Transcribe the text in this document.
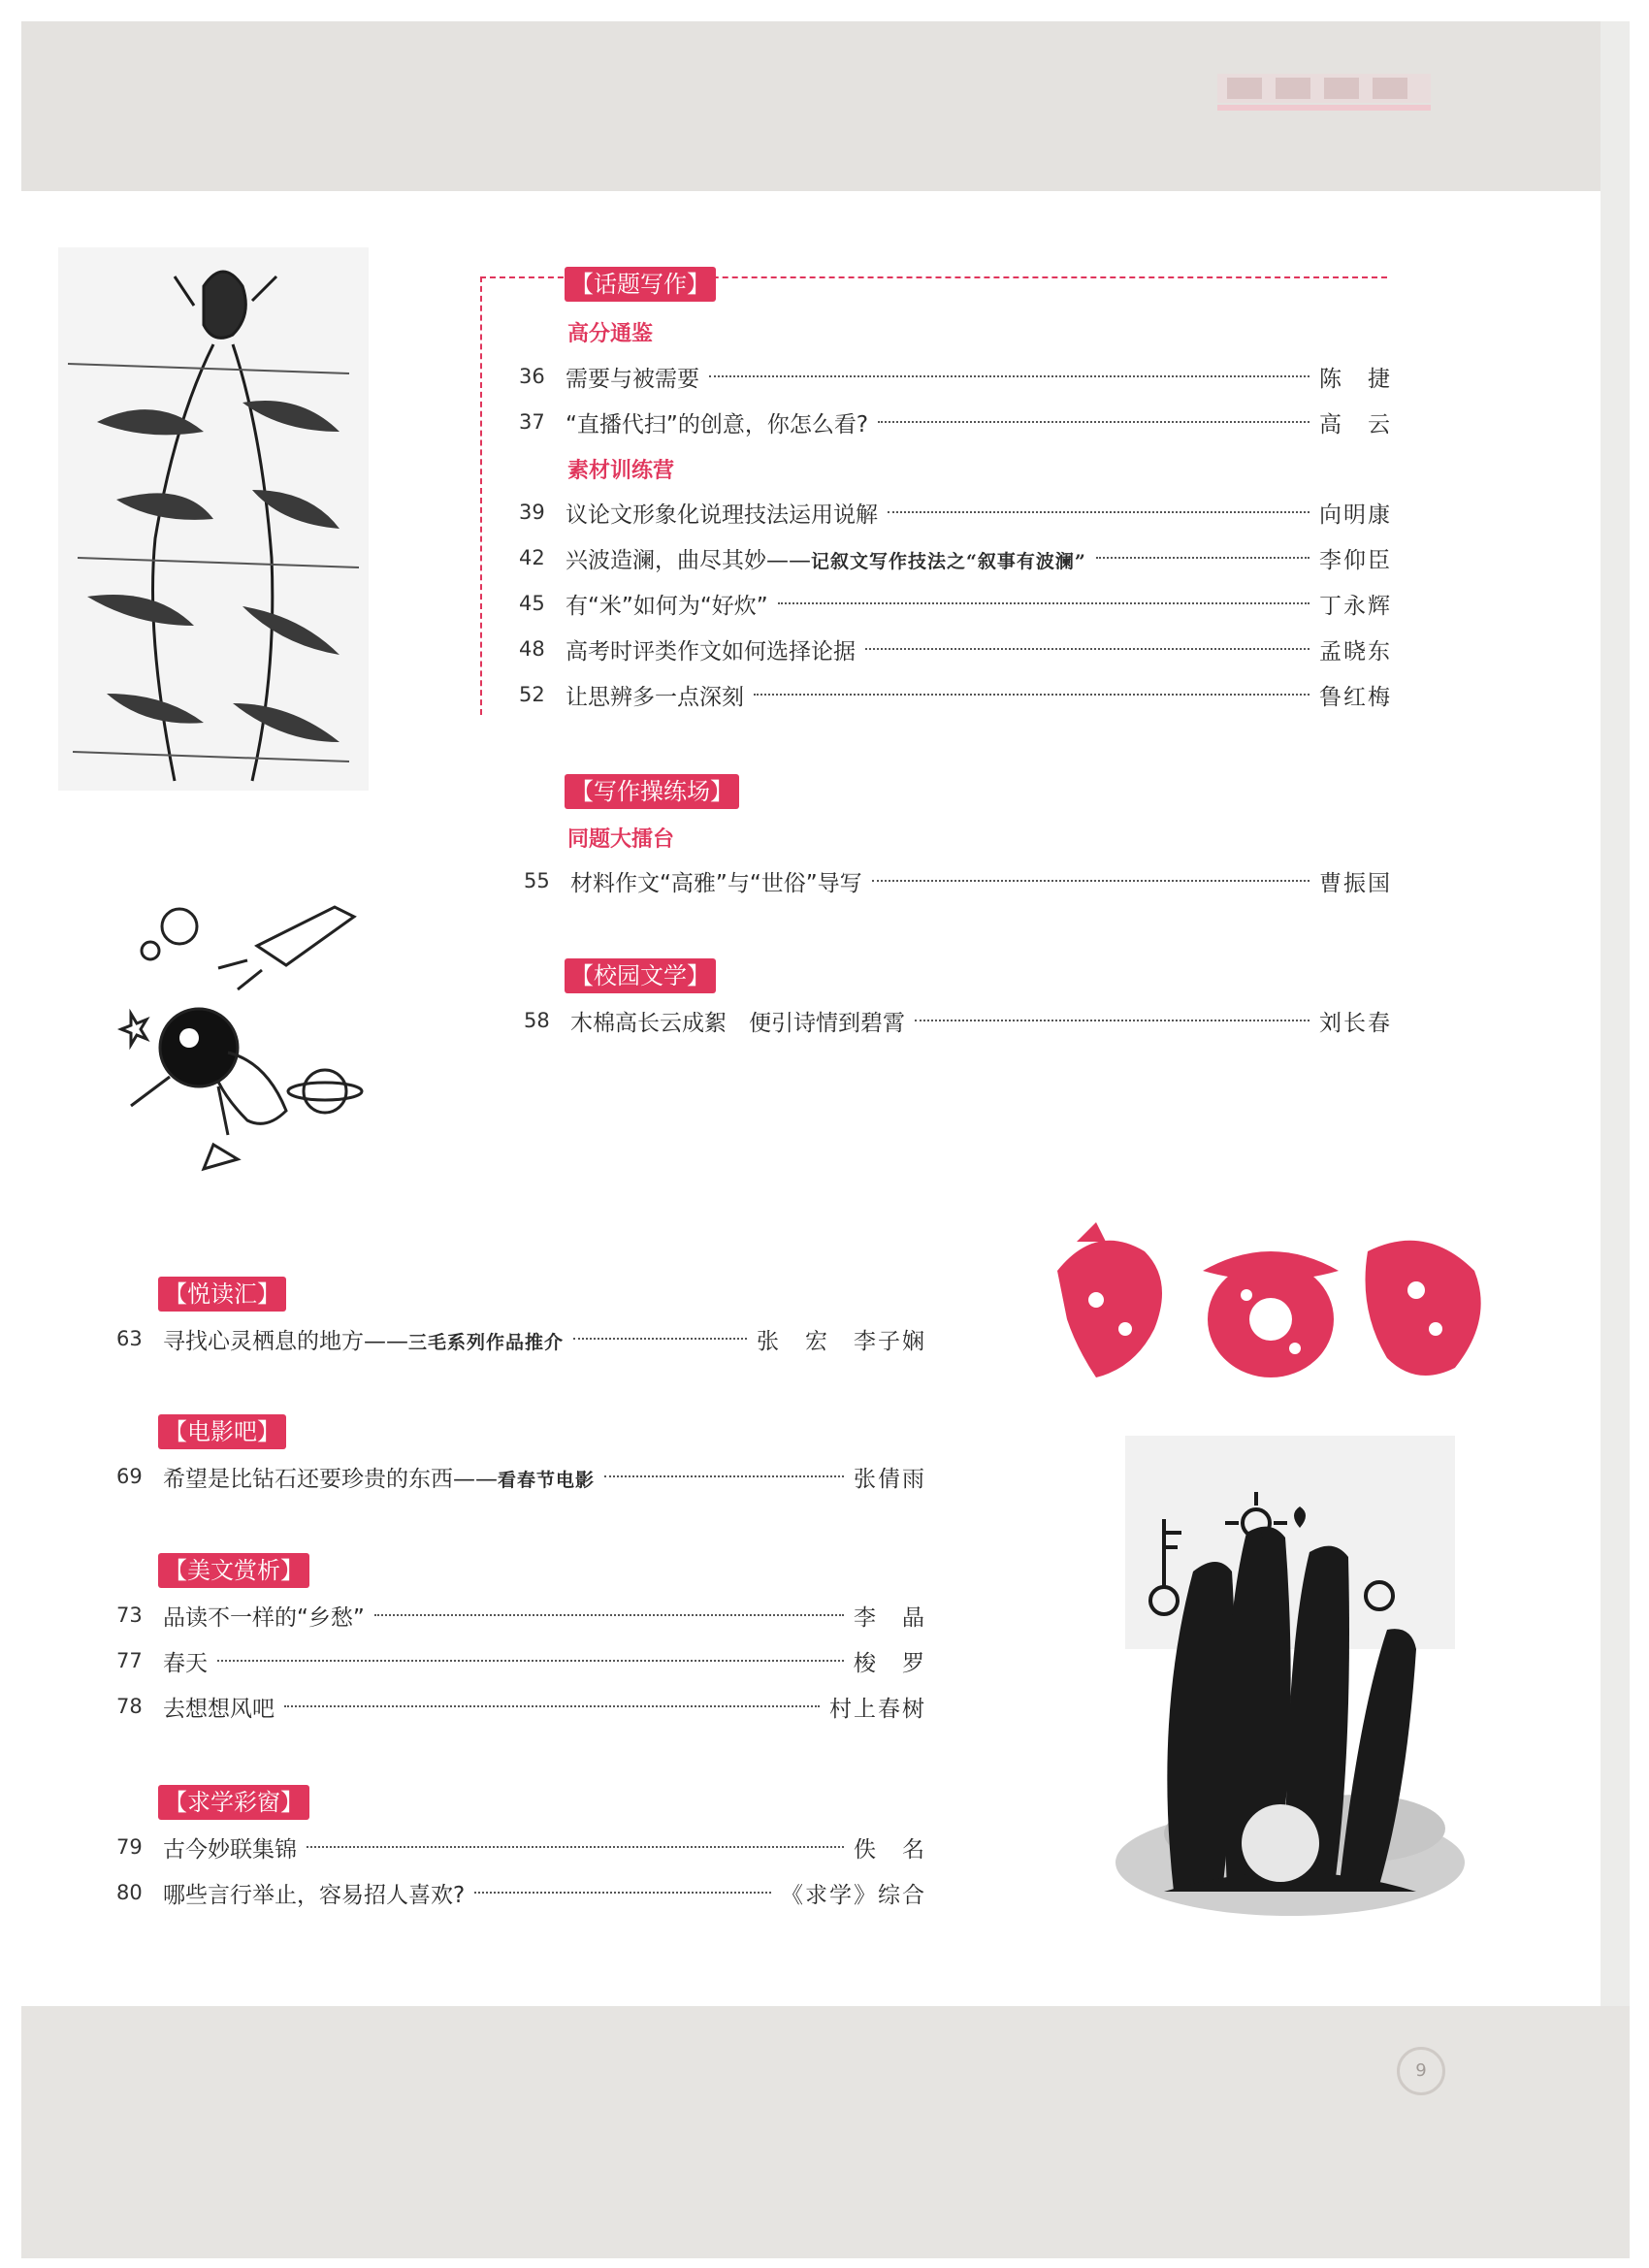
9
【话题写作】
高分通鉴
36 需要与被需要	陈　捷
37 “直播代扫”的创意，你怎么看?	高　云
素材训练营
39 议论文形象化说理技法运用说解	向明康
42 兴波造澜，曲尽其妙——记叙文写作技法之“叙事有波澜”	李仰臣
45 有“米”如何为“好炊”	丁永辉
48 高考时评类作文如何选择论据	孟晓东
52 让思辨多一点深刻	鲁红梅
【写作操练场】
同题大擂台
55 材料作文“高雅”与“世俗”导写	曹振国
【校园文学】
58 木棉高长云成絮　便引诗情到碧霄	刘长春
【悦读汇】
63 寻找心灵栖息的地方——三毛系列作品推介	张　宏　李子娴
【电影吧】
69 希望是比钻石还要珍贵的东西——看春节电影	张倩雨
【美文赏析】
73 品读不一样的“乡愁”	李　晶
77 春天	梭　罗
78 去想想风吧	村上春树
【求学彩窗】
79 古今妙联集锦	佚　名
80 哪些言行举止，容易招人喜欢?	《求学》综合
